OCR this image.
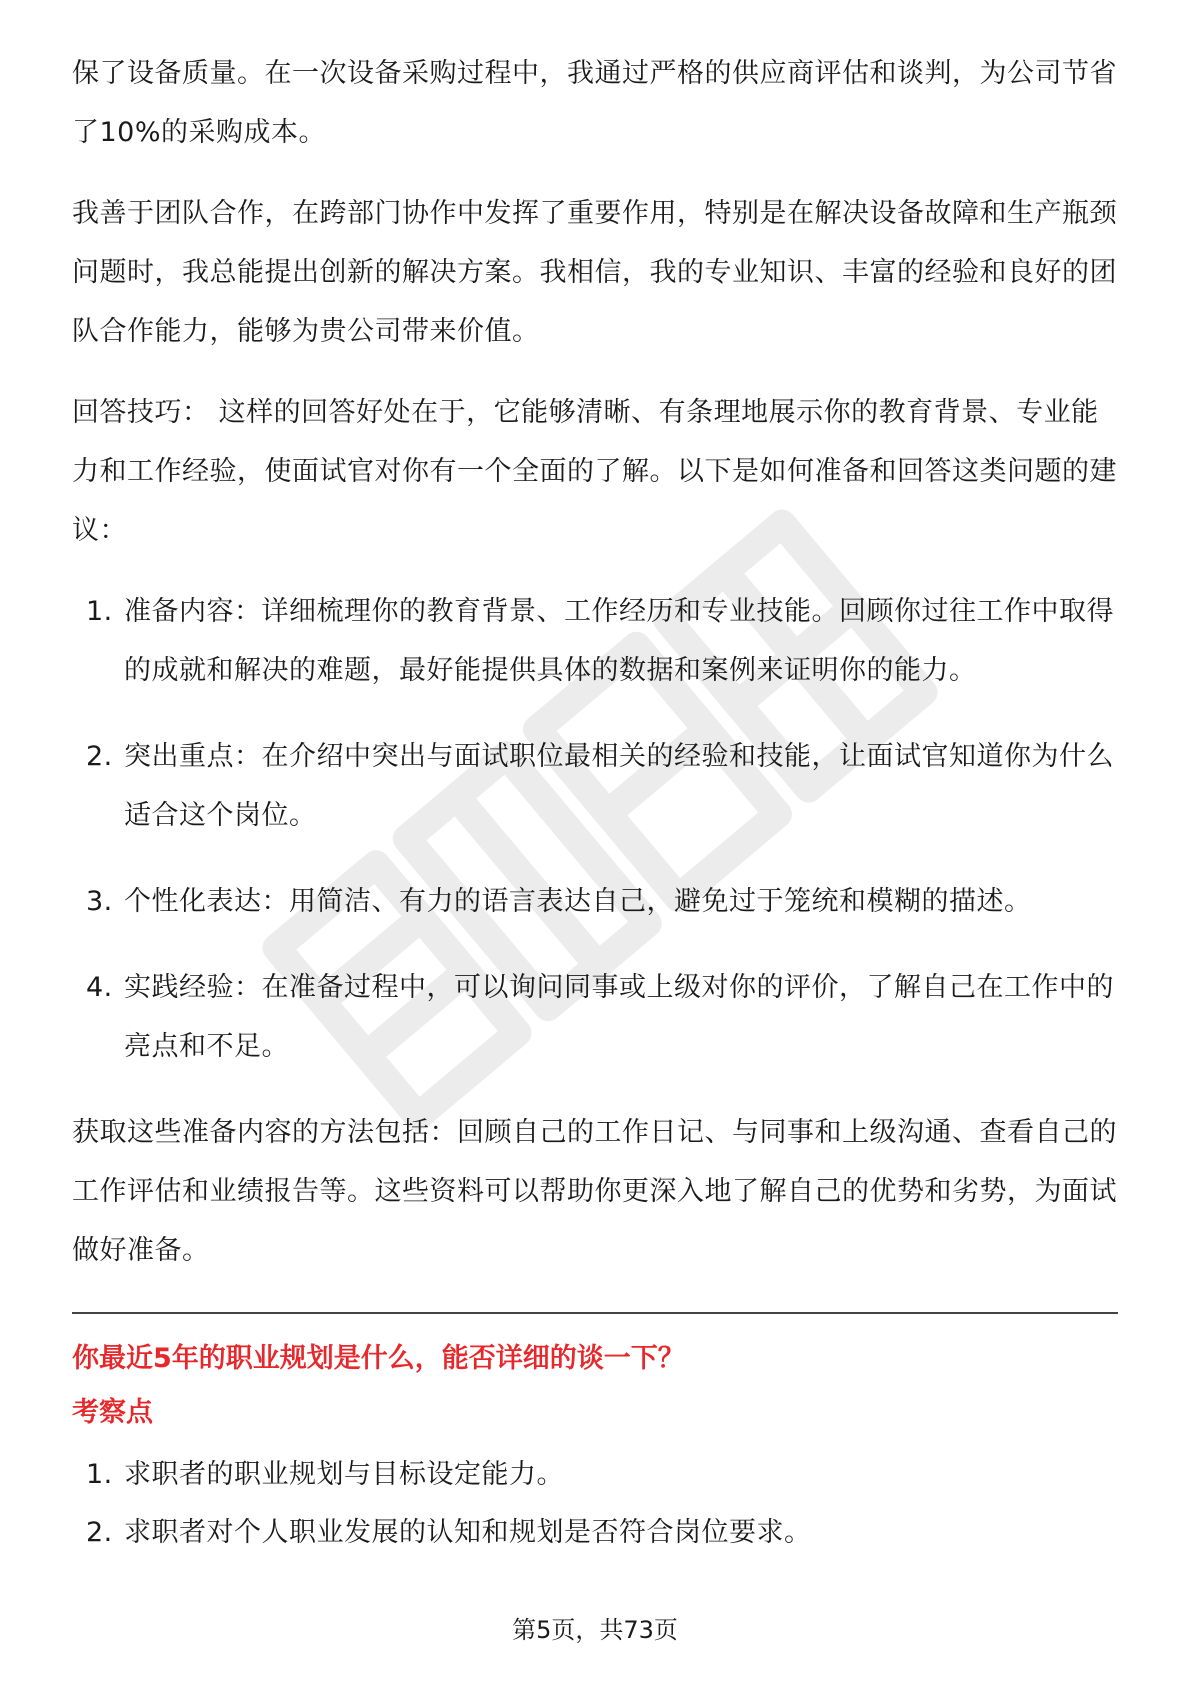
保了设备质量。在一次设备采购过程中，我通过严格的供应商评估和谈判，为公司节省了10%的采购成本。

我善于团队合作，在跨部门协作中发挥了重要作用，特别是在解决设备故障和生产瓶颈问题时，我总能提出创新的解决方案。我相信，我的专业知识、丰富的经验和良好的团队合作能力，能够为贵公司带来价值。

回答技巧： 这样的回答好处在于，它能够清晰、有条理地展示你的教育背景、专业能力和工作经验，使面试官对你有一个全面的了解。以下是如何准备和回答这类问题的建议：

1. 准备内容：详细梳理你的教育背景、工作经历和专业技能。回顾你过往工作中取得的成就和解决的难题，最好能提供具体的数据和案例来证明你的能力。
2. 突出重点：在介绍中突出与面试职位最相关的经验和技能，让面试官知道你为什么适合这个岗位。
3. 个性化表达：用简洁、有力的语言表达自己，避免过于笼统和模糊的描述。
4. 实践经验：在准备过程中，可以询问同事或上级对你的评价，了解自己在工作中的亮点和不足。

获取这些准备内容的方法包括：回顾自己的工作日记、与同事和上级沟通、查看自己的工作评估和业绩报告等。这些资料可以帮助你更深入地了解自己的优势和劣势，为面试做好准备。

你最近5年的职业规划是什么，能否详细的谈一下？

考察点

1. 求职者的职业规划与目标设定能力。
2. 求职者对个人职业发展的认知和规划是否符合岗位要求。
第5页，共73页
